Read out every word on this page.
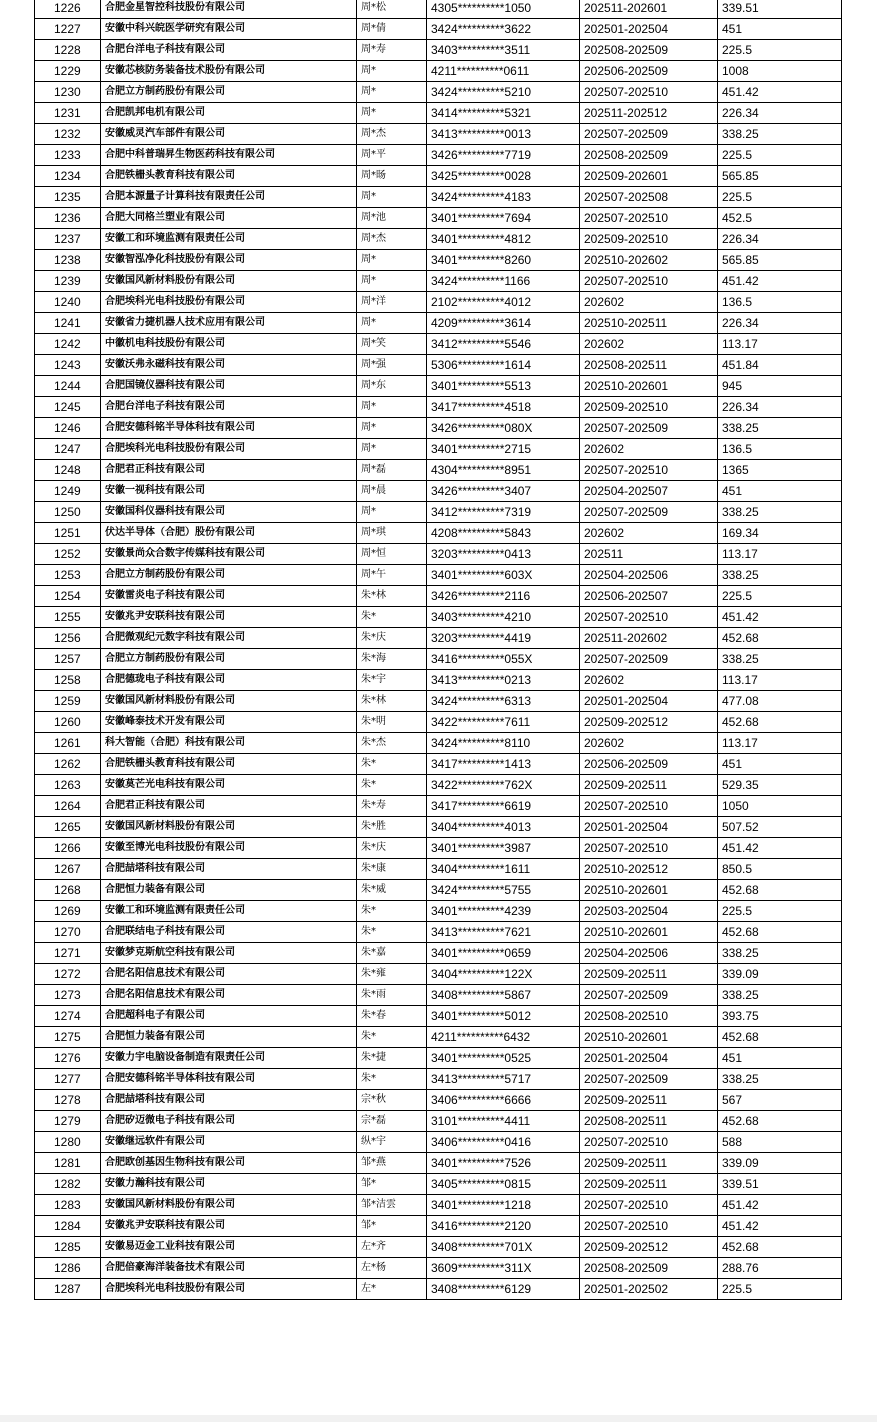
1226	合肥金星智控科技股份有限公司	周*松	4305**********1050	202511-202601	339.51
1227	安徽中科兴皖医学研究有限公司	周*倩	3424**********3622	202501-202504	451
1228	合肥台洋电子科技有限公司	周*寿	3403**********3511	202508-202509	225.5
1229	安徽芯核防务装备技术股份有限公司	周*	4211**********0611	202506-202509	1008
1230	合肥立方制药股份有限公司	周*	3424**********5210	202507-202510	451.42
1231	合肥凯邦电机有限公司	周*	3414**********5321	202511-202512	226.34
1232	安徽威灵汽车部件有限公司	周*杰	3413**********0013	202507-202509	338.25
1233	合肥中科普瑞昇生物医药科技有限公司	周*平	3426**********7719	202508-202509	225.5
1234	合肥铁栅头教育科技有限公司	周*旸	3425**********0028	202509-202601	565.85
1235	合肥本源量子计算科技有限责任公司	周*	3424**********4183	202507-202508	225.5
1236	合肥大同格兰塑业有限公司	周*池	3401**********7694	202507-202510	452.5
1237	安徽工和环境监测有限责任公司	周*杰	3401**********4812	202509-202510	226.34
1238	安徽智泓净化科技股份有限公司	周*	3401**********8260	202510-202602	565.85
1239	安徽国风新材料股份有限公司	周*	3424**********1166	202507-202510	451.42
1240	合肥埃科光电科技股份有限公司	周*洋	2102**********4012	202602	136.5
1241	安徽省力捷机器人技术应用有限公司	周*	4209**********3614	202510-202511	226.34
1242	中徽机电科技股份有限公司	周*笑	3412**********5546	202602	113.17
1243	安徽沃弗永磁科技有限公司	周*强	5306**********1614	202508-202511	451.84
1244	合肥国镜仪器科技有限公司	周*东	3401**********5513	202510-202601	945
1245	合肥台洋电子科技有限公司	周*	3417**********4518	202509-202510	226.34
1246	合肥安德科铭半导体科技有限公司	周*	3426**********080X	202507-202509	338.25
1247	合肥埃科光电科技股份有限公司	周*	3401**********2715	202602	136.5
1248	合肥君正科技有限公司	周*磊	4304**********8951	202507-202510	1365
1249	安徽一视科技有限公司	周*晨	3426**********3407	202504-202507	451
1250	安徽国科仪器科技有限公司	周*	3412**********7319	202507-202509	338.25
1251	伏达半导体（合肥）股份有限公司	周*琪	4208**********5843	202602	169.34
1252	安徽景尚众合数字传媒科技有限公司	周*恒	3203**********0413	202511	113.17
1253	合肥立方制药股份有限公司	周*午	3401**********603X	202504-202506	338.25
1254	安徽雷炎电子科技有限公司	朱*林	3426**********2116	202506-202507	225.5
1255	安徽兆尹安联科技有限公司	朱*	3403**********4210	202507-202510	451.42
1256	合肥微观纪元数字科技有限公司	朱*庆	3203**********4419	202511-202602	452.68
1257	合肥立方制药股份有限公司	朱*海	3416**********055X	202507-202509	338.25
1258	合肥德珑电子科技有限公司	朱*宇	3413**********0213	202602	113.17
1259	安徽国风新材料股份有限公司	朱*林	3424**********6313	202501-202504	477.08
1260	安徽峰泰技术开发有限公司	朱*明	3422**********7611	202509-202512	452.68
1261	科大智能（合肥）科技有限公司	朱*杰	3424**********8110	202602	113.17
1262	合肥铁栅头教育科技有限公司	朱*	3417**********1413	202506-202509	451
1263	安徽莫芒光电科技有限公司	朱*	3422**********762X	202509-202511	529.35
1264	合肥君正科技有限公司	朱*寿	3417**********6619	202507-202510	1050
1265	安徽国风新材料股份有限公司	朱*胜	3404**********4013	202501-202504	507.52
1266	安徽至博光电科技股份有限公司	朱*庆	3401**********3987	202507-202510	451.42
1267	合肥喆塔科技有限公司	朱*康	3404**********1611	202510-202512	850.5
1268	合肥恒力装备有限公司	朱*威	3424**********5755	202510-202601	452.68
1269	安徽工和环境监测有限责任公司	朱*	3401**********4239	202503-202504	225.5
1270	合肥联结电子科技有限公司	朱*	3413**********7621	202510-202601	452.68
1271	安徽梦克斯航空科技有限公司	朱*嘉	3401**********0659	202504-202506	338.25
1272	合肥名阳信息技术有限公司	朱*雍	3404**********122X	202509-202511	339.09
1273	合肥名阳信息技术有限公司	朱*雨	3408**********5867	202507-202509	338.25
1274	合肥超科电子有限公司	朱*春	3401**********5012	202508-202510	393.75
1275	合肥恒力装备有限公司	朱*	4211**********6432	202510-202601	452.68
1276	安徽力宇电脑设备制造有限责任公司	朱*捷	3401**********0525	202501-202504	451
1277	合肥安德科铭半导体科技有限公司	朱*	3413**********5717	202507-202509	338.25
1278	合肥喆塔科技有限公司	宗*秋	3406**********6666	202509-202511	567
1279	合肥矽迈微电子科技有限公司	宗*磊	3101**********4411	202508-202511	452.68
1280	安徽继远软件有限公司	纵*宇	3406**********0416	202507-202510	588
1281	合肥欧创基因生物科技有限公司	邹*燕	3401**********7526	202509-202511	339.09
1282	安徽力瀚科技有限公司	邹*	3405**********0815	202509-202511	339.51
1283	安徽国风新材料股份有限公司	邹*洁雲	3401**********1218	202507-202510	451.42
1284	安徽兆尹安联科技有限公司	邹*	3416**********2120	202507-202510	451.42
1285	安徽易迈金工业科技有限公司	左*齐	3408**********701X	202509-202512	452.68
1286	合肥倍豪海洋装备技术有限公司	左*杨	3609**********311X	202508-202509	288.76
1287	合肥埃科光电科技股份有限公司	左*	3408**********6129	202501-202502	225.5
